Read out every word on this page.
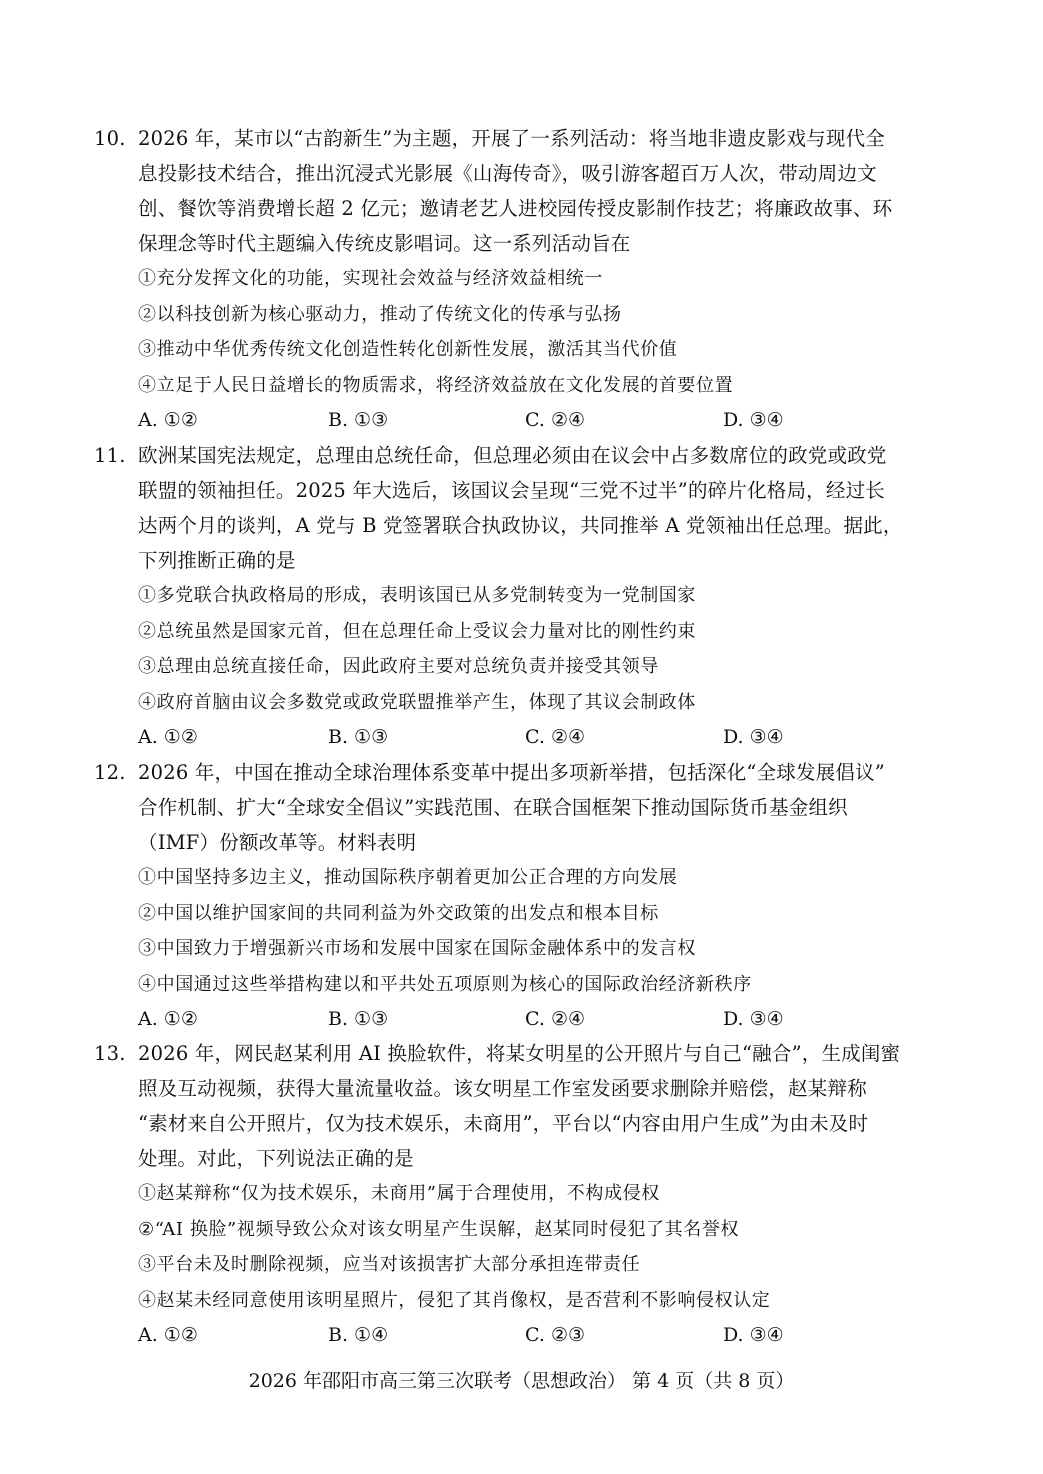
10. 2026 年，某市以“古韵新生”为主题，开展了一系列活动：将当地非遗皮影戏与现代全
息投影技术结合，推出沉浸式光影展《山海传奇》，吸引游客超百万人次，带动周边文
创、餐饮等消费增长超 2 亿元；邀请老艺人进校园传授皮影制作技艺；将廉政故事、环
保理念等时代主题编入传统皮影唱词。这一系列活动旨在
①充分发挥文化的功能，实现社会效益与经济效益相统一
②以科技创新为核心驱动力，推动了传统文化的传承与弘扬
③推动中华优秀传统文化创造性转化创新性发展，激活其当代价值
④立足于人民日益增长的物质需求，将经济效益放在文化发展的首要位置
A. ①②	B. ①③	C. ②④	D. ③④
11. 欧洲某国宪法规定，总理由总统任命，但总理必须由在议会中占多数席位的政党或政党
联盟的领袖担任。2025 年大选后，该国议会呈现“三党不过半”的碎片化格局，经过长
达两个月的谈判，A 党与 B 党签署联合执政协议，共同推举 A 党领袖出任总理。据此，
下列推断正确的是
①多党联合执政格局的形成，表明该国已从多党制转变为一党制国家
②总统虽然是国家元首，但在总理任命上受议会力量对比的刚性约束
③总理由总统直接任命，因此政府主要对总统负责并接受其领导
④政府首脑由议会多数党或政党联盟推举产生，体现了其议会制政体
A. ①②	B. ①③	C. ②④	D. ③④
12. 2026 年，中国在推动全球治理体系变革中提出多项新举措，包括深化“全球发展倡议”
合作机制、扩大“全球安全倡议”实践范围、在联合国框架下推动国际货币基金组织
（IMF）份额改革等。材料表明
①中国坚持多边主义，推动国际秩序朝着更加公正合理的方向发展
②中国以维护国家间的共同利益为外交政策的出发点和根本目标
③中国致力于增强新兴市场和发展中国家在国际金融体系中的发言权
④中国通过这些举措构建以和平共处五项原则为核心的国际政治经济新秩序
A. ①②	B. ①③	C. ②④	D. ③④
13. 2026 年，网民赵某利用 AI 换脸软件，将某女明星的公开照片与自己“融合”，生成闺蜜
照及互动视频，获得大量流量收益。该女明星工作室发函要求删除并赔偿，赵某辩称
“素材来自公开照片，仅为技术娱乐，未商用”，平台以“内容由用户生成”为由未及时
处理。对此，下列说法正确的是
①赵某辩称“仅为技术娱乐，未商用”属于合理使用，不构成侵权
②“AI 换脸”视频导致公众对该女明星产生误解，赵某同时侵犯了其名誉权
③平台未及时删除视频，应当对该损害扩大部分承担连带责任
④赵某未经同意使用该明星照片，侵犯了其肖像权，是否营利不影响侵权认定
A. ①②	B. ①④	C. ②③	D. ③④
2026 年邵阳市高三第三次联考（思想政治） 第 4 页（共 8 页）
